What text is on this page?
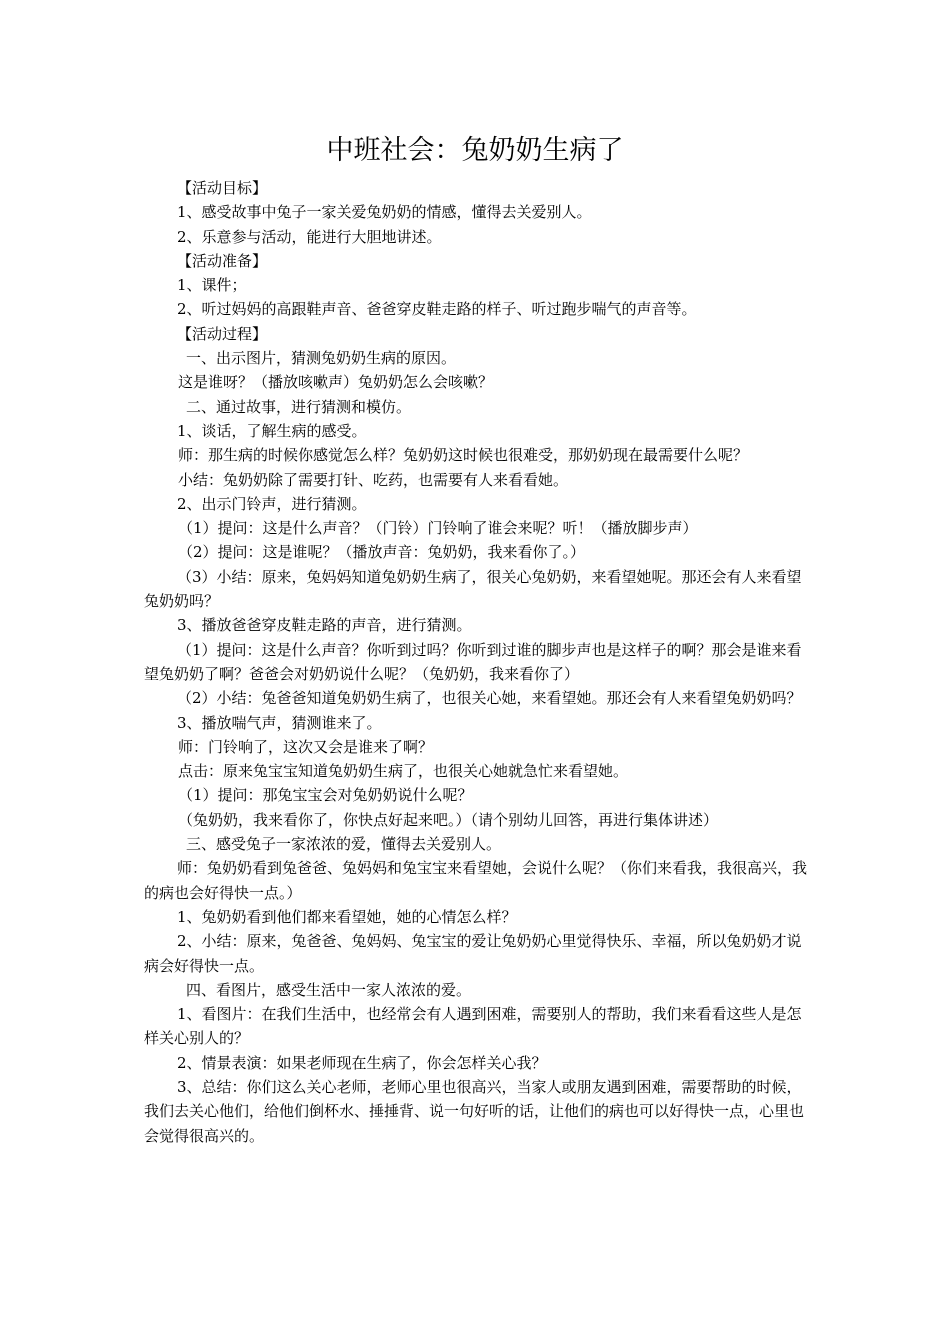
中班社会：兔奶奶生病了

【活动目标】

1、感受故事中兔子一家关爱兔奶奶的情感，懂得去关爱别人。

2、乐意参与活动，能进行大胆地讲述。

【活动准备】

1、课件；

2、听过妈妈的高跟鞋声音、爸爸穿皮鞋走路的样子、听过跑步喘气的声音等。

【活动过程】

一、出示图片，猜测兔奶奶生病的原因。

这是谁呀？（播放咳嗽声）兔奶奶怎么会咳嗽？

二、通过故事，进行猜测和模仿。

1、谈话，了解生病的感受。

师：那生病的时候你感觉怎么样？兔奶奶这时候也很难受，那奶奶现在最需要什么呢？

小结：兔奶奶除了需要打针、吃药，也需要有人来看看她。

2、出示门铃声，进行猜测。

（1）提问：这是什么声音？（门铃）门铃响了谁会来呢？听！（播放脚步声）

（2）提问：这是谁呢？（播放声音：兔奶奶，我来看你了。）

（3）小结：原来，兔妈妈知道兔奶奶生病了，很关心兔奶奶，来看望她呢。那还会有人来看望兔奶奶吗？

3、播放爸爸穿皮鞋走路的声音，进行猜测。

（1）提问：这是什么声音？你听到过吗？你听到过谁的脚步声也是这样子的啊？那会是谁来看望兔奶奶了啊？爸爸会对奶奶说什么呢？（兔奶奶，我来看你了）

（2）小结：兔爸爸知道兔奶奶生病了，也很关心她，来看望她。那还会有人来看望兔奶奶吗？

3、播放喘气声，猜测谁来了。

师：门铃响了，这次又会是谁来了啊？

点击：原来兔宝宝知道兔奶奶生病了，也很关心她就急忙来看望她。

（1）提问：那兔宝宝会对兔奶奶说什么呢？

（兔奶奶，我来看你了，你快点好起来吧。）（请个别幼儿回答，再进行集体讲述）

三、感受兔子一家浓浓的爱，懂得去关爱别人。

师：兔奶奶看到兔爸爸、兔妈妈和兔宝宝来看望她，会说什么呢？（你们来看我，我很高兴，我的病也会好得快一点。）

1、兔奶奶看到他们都来看望她，她的心情怎么样？

2、小结：原来，兔爸爸、兔妈妈、兔宝宝的爱让兔奶奶心里觉得快乐、幸福，所以兔奶奶才说病会好得快一点。

四、看图片，感受生活中一家人浓浓的爱。

1、看图片：在我们生活中，也经常会有人遇到困难，需要别人的帮助，我们来看看这些人是怎样关心别人的？

2、情景表演：如果老师现在生病了，你会怎样关心我？

3、总结：你们这么关心老师，老师心里也很高兴，当家人或朋友遇到困难，需要帮助的时候，我们去关心他们，给他们倒杯水、捶捶背、说一句好听的话，让他们的病也可以好得快一点，心里也会觉得很高兴的。
